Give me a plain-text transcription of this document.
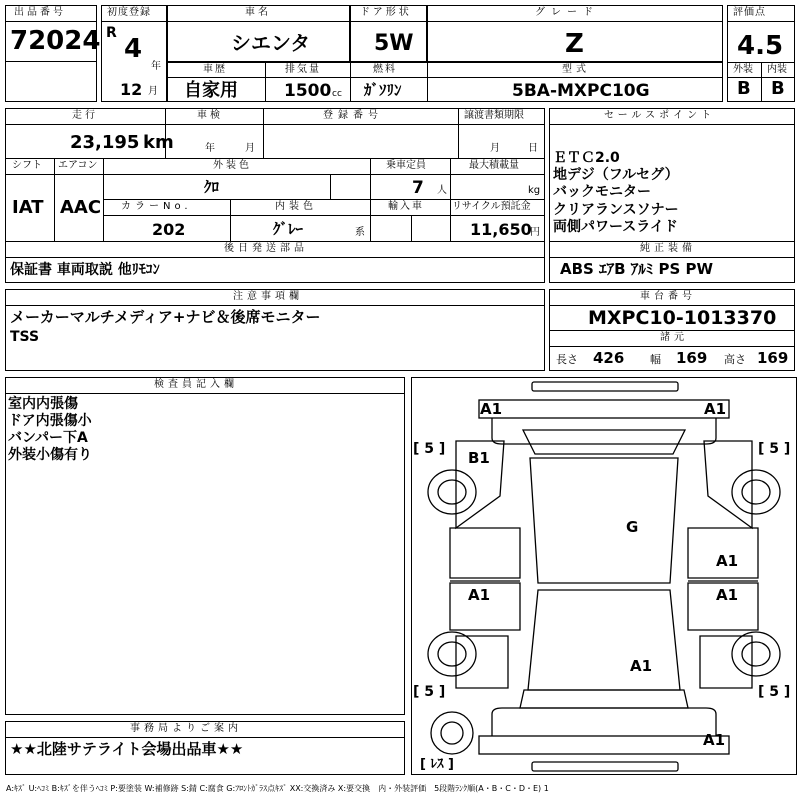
出品番号
72024
初度登録
R
4
年
12 月
車名
シエンタ
ドア形状
5W
グレード
Z
評価点
4.5
外装 内装
B B
車歴
自家用
排気量
1500 cc
燃料
ｶﾞｿﾘﾝ
型式
5BA-MXPC10G
走行
23,195 km
車検
年	月
登録番号	譲渡書類期限
月	日
シフト
IAT
エアコン
AAC
外装色
ｸﾛ
乗車定員
7 人
最大積載量
kg
カラーNo.
202
内装色
ｸﾞﾚｰ	系
輸入車	リサイクル預託金
11,650
円
後日発送部品
保証書 車両取説 他ﾘﾓｺﾝ
セールスポイント
ＥＴＣ2.0
地デジ（フルセグ）
バックモニター
クリアランスソナー
両側パワースライド
純正装備
ABS ｴｱB ｱﾙﾐ PS PW
注意事項欄
メーカーマルチメディア+ナビ＆後席モニター
TSS
車台番号
MXPC10-1013370
諸元
長さ 426 幅 169 高さ 169
検査員記入欄
室内内張傷
ドア内張傷小
バンパー下A
外装小傷有り
事務局よりご案内
★★北陸サテライト会場出品車★★
A1	A1
B1
G
A1
A1	A1
A1
A1
[ 5 ]	[ 5 ]
[ 5 ]	[ 5 ]
[ ﾚｽ ]
A:ｷｽﾞ U:ﾍｺﾐ B:ｷｽﾞを伴うﾍｺﾐ P:要塗装 W:補修跡 S:錆 C:腐食 G:ﾌﾛﾝﾄｶﾞﾗｽ点ｷｽﾞ XX:交換済み X:要交換　内・外装評価　5段階ﾗﾝｸ順(A・B・C・D・E) 1
